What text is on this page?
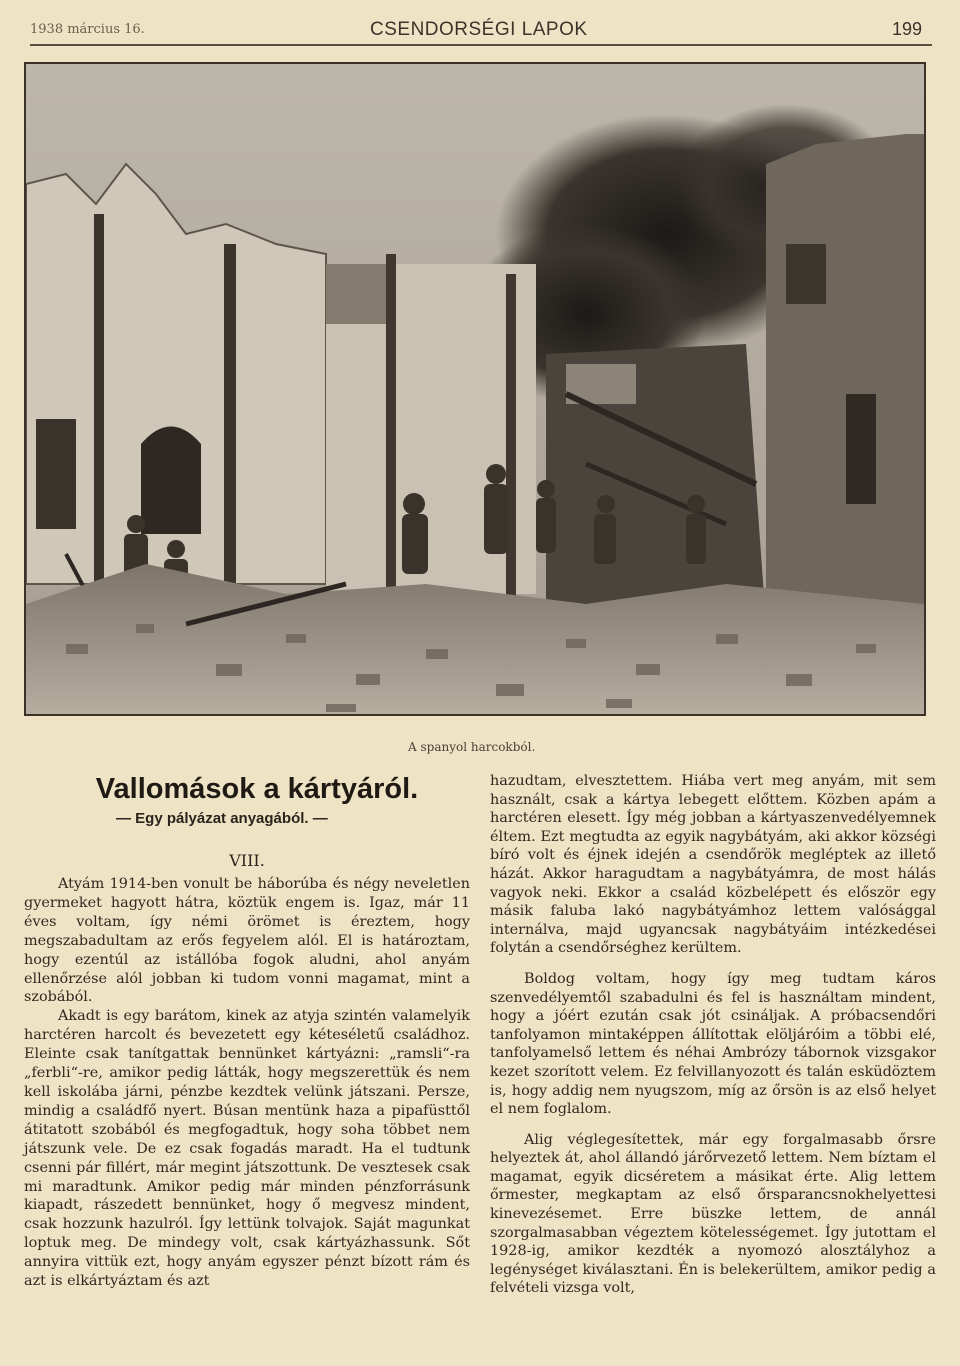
1938 március 16.	CSENDORSÉGI LAPOK	199
A spanyol harcokból.
Vallomások a kártyáról.
— Egy pályázat anyagából. —
VIII.

Atyám 1914-ben vonult be háborúba és négy neveletlen gyermeket hagyott hátra, köztük engem is. Igaz, már 11 éves voltam, így némi örömet is éreztem, hogy megszabadultam az erős fegyelem alól. El is határoztam, hogy ezentúl az istállóba fogok aludni, ahol anyám ellenőrzése alól jobban ki tudom vonni magamat, mint a szobából.

Akadt is egy barátom, kinek az atyja szintén valamelyik harctéren harcolt és bevezetett egy kéteséletű családhoz. Eleinte csak tanítgattak bennünket kártyázni: „ramsli“-ra „ferbli“-re, amikor pedig látták, hogy megszerettük és nem kell iskolába járni, pénzbe kezdtek velünk játszani. Persze, mindig a családfő nyert. Búsan mentünk haza a pipafüsttől átitatott szobából és megfogadtuk, hogy soha többet nem játszunk vele. De ez csak fogadás maradt. Ha el tudtunk csenni pár fillért, már megint játszottunk. De vesztesek csak mi maradtunk. Amikor pedig már minden pénzforrásunk kiapadt, rászedett bennünket, hogy ő megvesz mindent, csak hozzunk hazulról. Így lettünk tolvajok. Saját magunkat loptuk meg. De mindegy volt, csak kártyázhassunk. Sőt annyira vittük ezt, hogy anyám egyszer pénzt bízott rám és azt is elkártyáztam és azt

hazudtam, elvesztettem. Hiába vert meg anyám, mit sem használt, csak a kártya lebegett előttem. Közben apám a harctéren elesett. Így még jobban a kártyaszenvedélyemnek éltem. Ezt megtudta az egyik nagybátyám, aki akkor községi bíró volt és éjnek idején a csendőrök megléptek az illető házát. Akkor haragudtam a nagybátyámra, de most hálás vagyok neki. Ekkor a család közbelépett és először egy másik faluba lakó nagybátyámhoz lettem valósággal internálva, majd ugyancsak nagybátyáim intézkedései folytán a csendőrséghez kerültem.

Boldog voltam, hogy így meg tudtam káros szenvedélyemtől szabadulni és fel is használtam mindent, hogy a jóért ezután csak jót csináljak. A próbacsendőri tanfolyamon mintaképpen állítottak elöljáróim a többi elé, tanfolyamelső lettem és néhai Ambrózy tábornok vizsgakor kezet szorított velem. Ez felvillanyozott és talán esküdöztem is, hogy addig nem nyugszom, míg az őrsön is az első helyet el nem foglalom.

Alig véglegesítettek, már egy forgalmasabb őrsre helyeztek át, ahol állandó járőrvezető lettem. Nem bíztam el magamat, egyik dicséretem a másikat érte. Alig lettem őrmester, megkaptam az első őrsparancsnokhelyettesi kinevezésemet. Erre büszke lettem, de annál szorgalmasabban végeztem kötelességemet. Így jutottam el 1928-ig, amikor kezdték a nyomozó alosztályhoz a legénységet kiválasztani. Én is belekerültem, amikor pedig a felvételi vizsga volt,
